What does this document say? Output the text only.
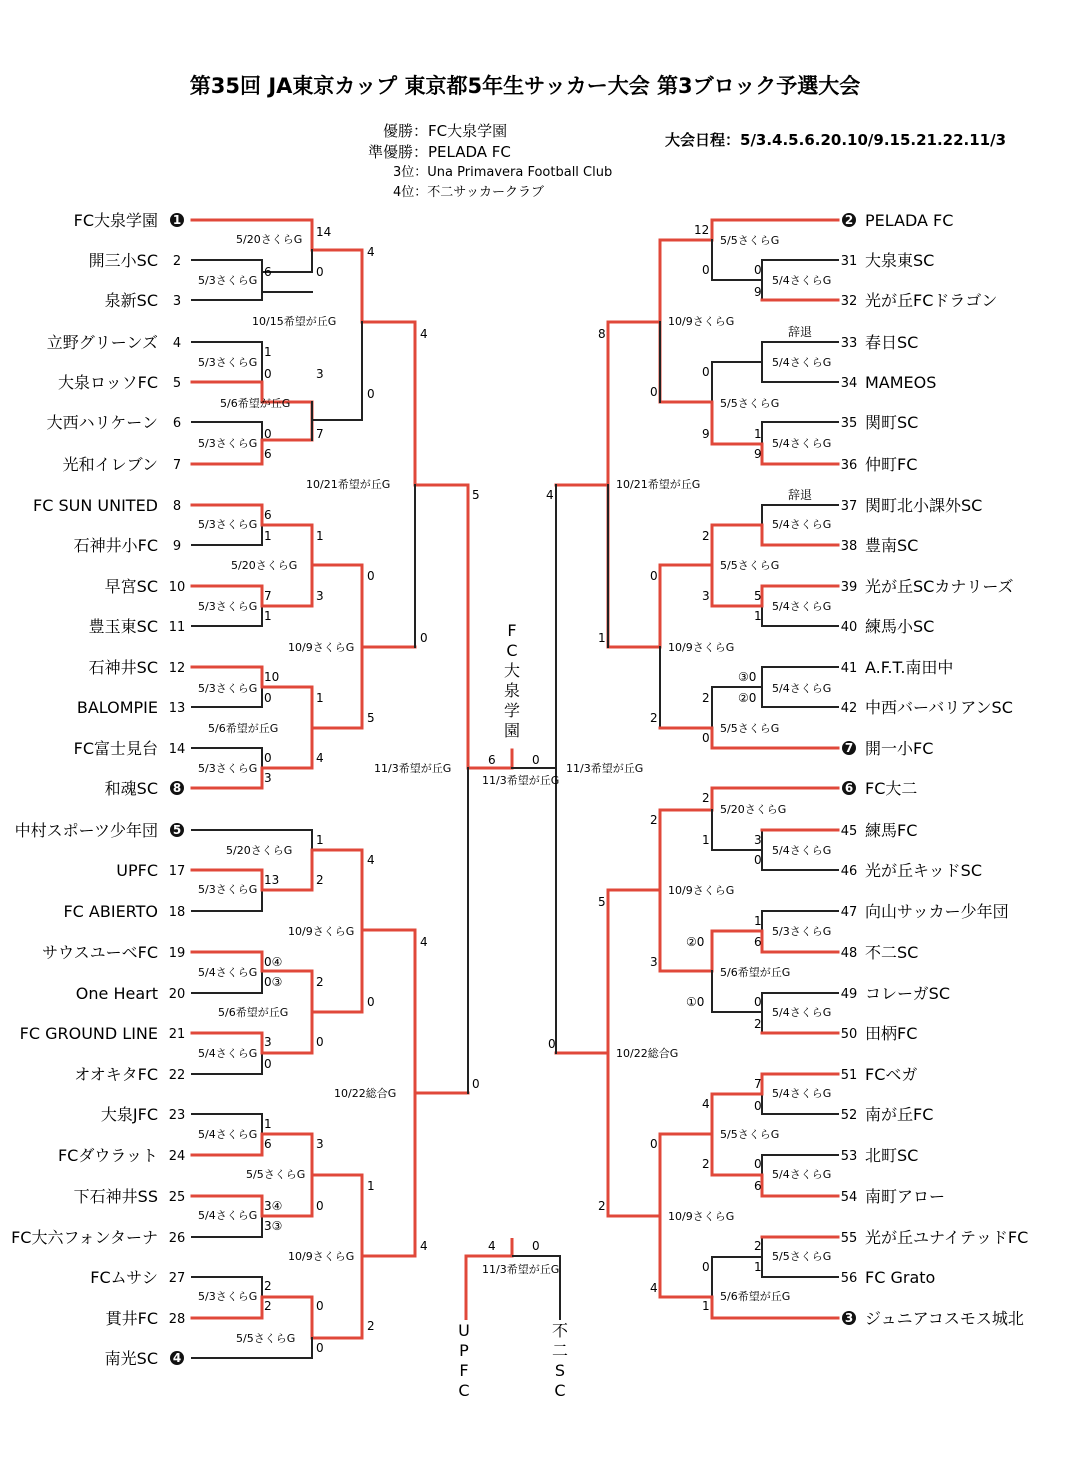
第35回 JA東京カップ 東京都5年生サッカー大会 第3ブロック予選大会
優勝：FC大泉学園
準優勝：PELADA FC
3位：Una Primavera Football Club
4位：不二サッカークラブ
大会日程：5/3.4.5.6.20.10/9.15.21.22.11/3
FC大泉学園 1
開三小SC 2
泉新SC 3
立野グリーンズ 4
大泉ロッソFC 5
大西ハリケーン 6
光和イレブン 7
FC SUN UNITED 8
石神井小FC 9
早宮SC 10
豊玉東SC 11
石神井SC 12
BALOMPIE 13
FC富士見台 14
和魂SC 8
中村スポーツ少年団 5
UPFC 17
FC ABIERTO 18
サウスユーベFC 19
One Heart 20
FC GROUND LINE 21
オオキタFC 22
大泉JFC 23
FCダウラット 24
下石神井SS 25
FC大六フォンターナ 26
FCムサシ 27
貫井FC 28
南光SC 4
2 PELADA FC
31 大泉東SC
32 光が丘FCドラゴン
33 春日SC
34 MAMEOS
35 関町SC
36 仲町FC
37 関町北小課外SC
38 豊南SC
39 光が丘SCカナリーズ
40 練馬小SC
41 A.F.T.南田中
42 中西バーバリアンSC
7 開一小FC
6 FC大二
45 練馬FC
46 光が丘キッドSC
47 向山サッカー少年団
48 不二SC
49 コレーガSC
50 田柄FC
51 FCベガ
52 南が丘FC
53 北町SC
54 南町アロー
55 光が丘ユナイテッドFC
56 FC Grato
3 ジュニアコスモス城北
5/20さくらG
5/3さくらG
10/15希望が丘G
5/3さくらG
5/6希望が丘G
5/3さくらG
10/21希望が丘G
5/3さくらG
5/20さくらG
5/3さくらG
10/9さくらG
5/3さくらG
5/6希望が丘G
5/3さくらG	11/3希望が丘G
5/20さくらG
5/3さくらG
10/9さくらG
5/4さくらG
5/6希望が丘G
5/4さくらG
10/22総合G
5/4さくらG
5/5さくらG
5/4さくらG
10/9さくらG
5/3さくらG
5/5さくらG
5/5さくらG
5/4さくらG
10/9さくらG
5/4さくらG
5/5さくらG
5/4さくらG
10/21希望が丘G
5/4さくらG
5/5さくらG
5/4さくらG
10/9さくらG
5/4さくらG
5/5さくらG
11/3希望が丘G
5/20さくらG
5/4さくらG
10/9さくらG
5/3さくらG
5/6希望が丘G
5/4さくらG
10/22総合G
5/4さくらG
5/5さくらG
5/4さくらG
10/9さくらG
5/5さくらG
5/6希望が丘G
11/3希望が丘G
11/3希望が丘G
14
4
6	0
4
1
0	3
0
0
6
7
5
6
1	1
0
7	3
1
10
0	1
5
0	4
3
1
13	2
4
0④
0③	2
0
4
3	0
0
0
1
6	3
3④
3③
0
1
4
2
2	0
2
0
12
0	0
9
8
0
0
9	1
9
0
4
2
0
3	5
1
1
③0
②0
2
2
0
2
1	3
0
2
5
②0
1
6
3
①0	0
2
0
7
0
4
0
2	0
6
2
2
1
0
4
1
6	0
4	0
辞退
辞退
F
C
大
泉
学
園
U
P
F
C
不
二
S
C
